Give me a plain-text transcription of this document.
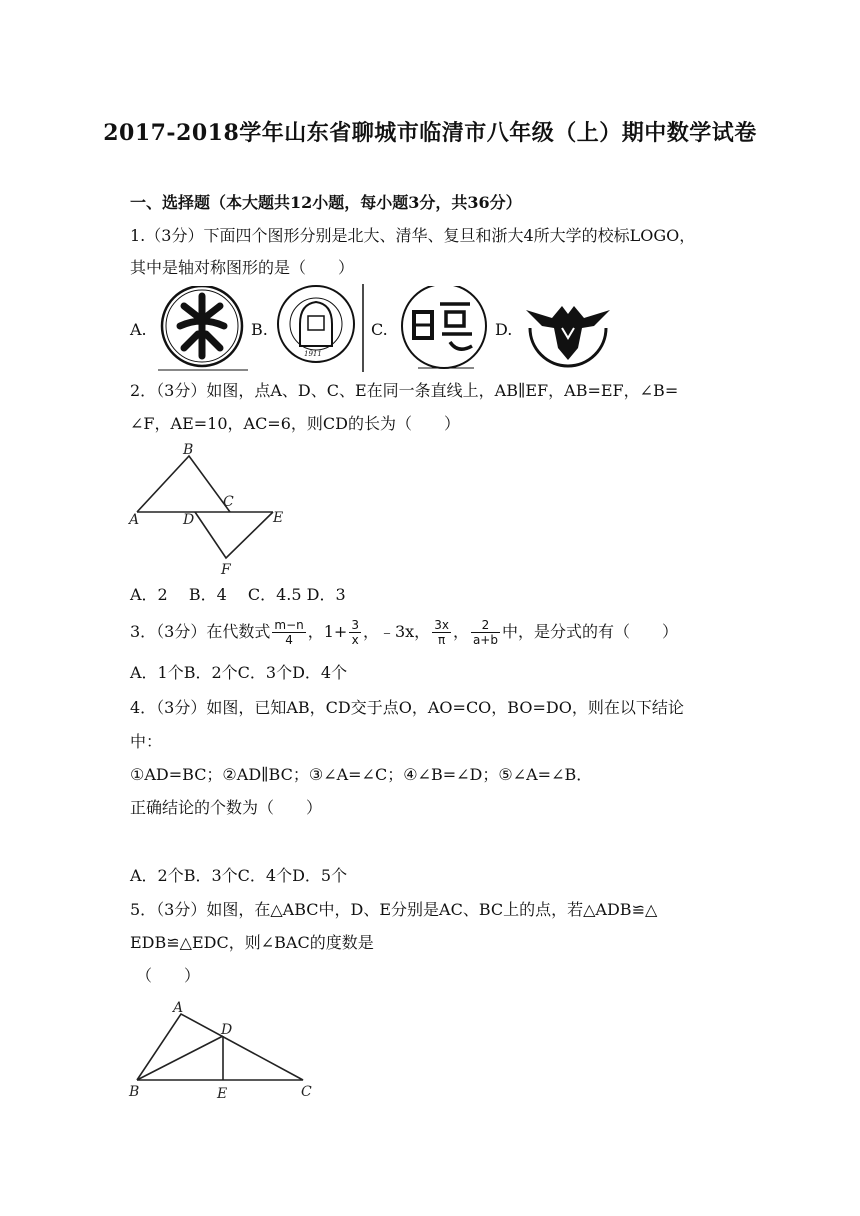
2017-2018学年山东省聊城市临清市八年级（上）期中数学试卷
一、选择题（本大题共12小题，每小题3分，共36分）
1.（3分）下面四个图形分别是北大、清华、复旦和浙大4所大学的校标LOGO，
其中是轴对称图形的是（　　）
A.	B.
1911
C.	D.
2．（3分）如图，点A、D、C、E在同一条直线上，AB∥EF，AB=EF，∠B=
∠F，AE=10，AC=6，则CD的长为（　　）
A
B
C
D	E
F
A．2　 B．4　 C．4.5 D．3
3．（3分）在代数式 $\frac{m-n}{4}$ ，$1+ \frac{3}{x}$ ，﹣3x， $\frac{3x}{\pi}$ ， $\frac{2}{a+b}$ 中，是分式的有（　　）
A．1个B．2个C．3个D．4个
4．（3分）如图，已知AB，CD交于点O，AO=CO，BO=DO，则在以下结论
中：
①AD=BC；②AD∥BC；③∠A=∠C；④∠B=∠D；⑤∠A=∠B．
正确结论的个数为（　　）
A．2个B．3个C．4个D．5个
5．（3分）如图，在△ABC中，D、E分别是AC、BC上的点，若△ADB≌△
EDB≌△EDC，则∠BAC的度数是
（　　）
A
B	C
D
E
